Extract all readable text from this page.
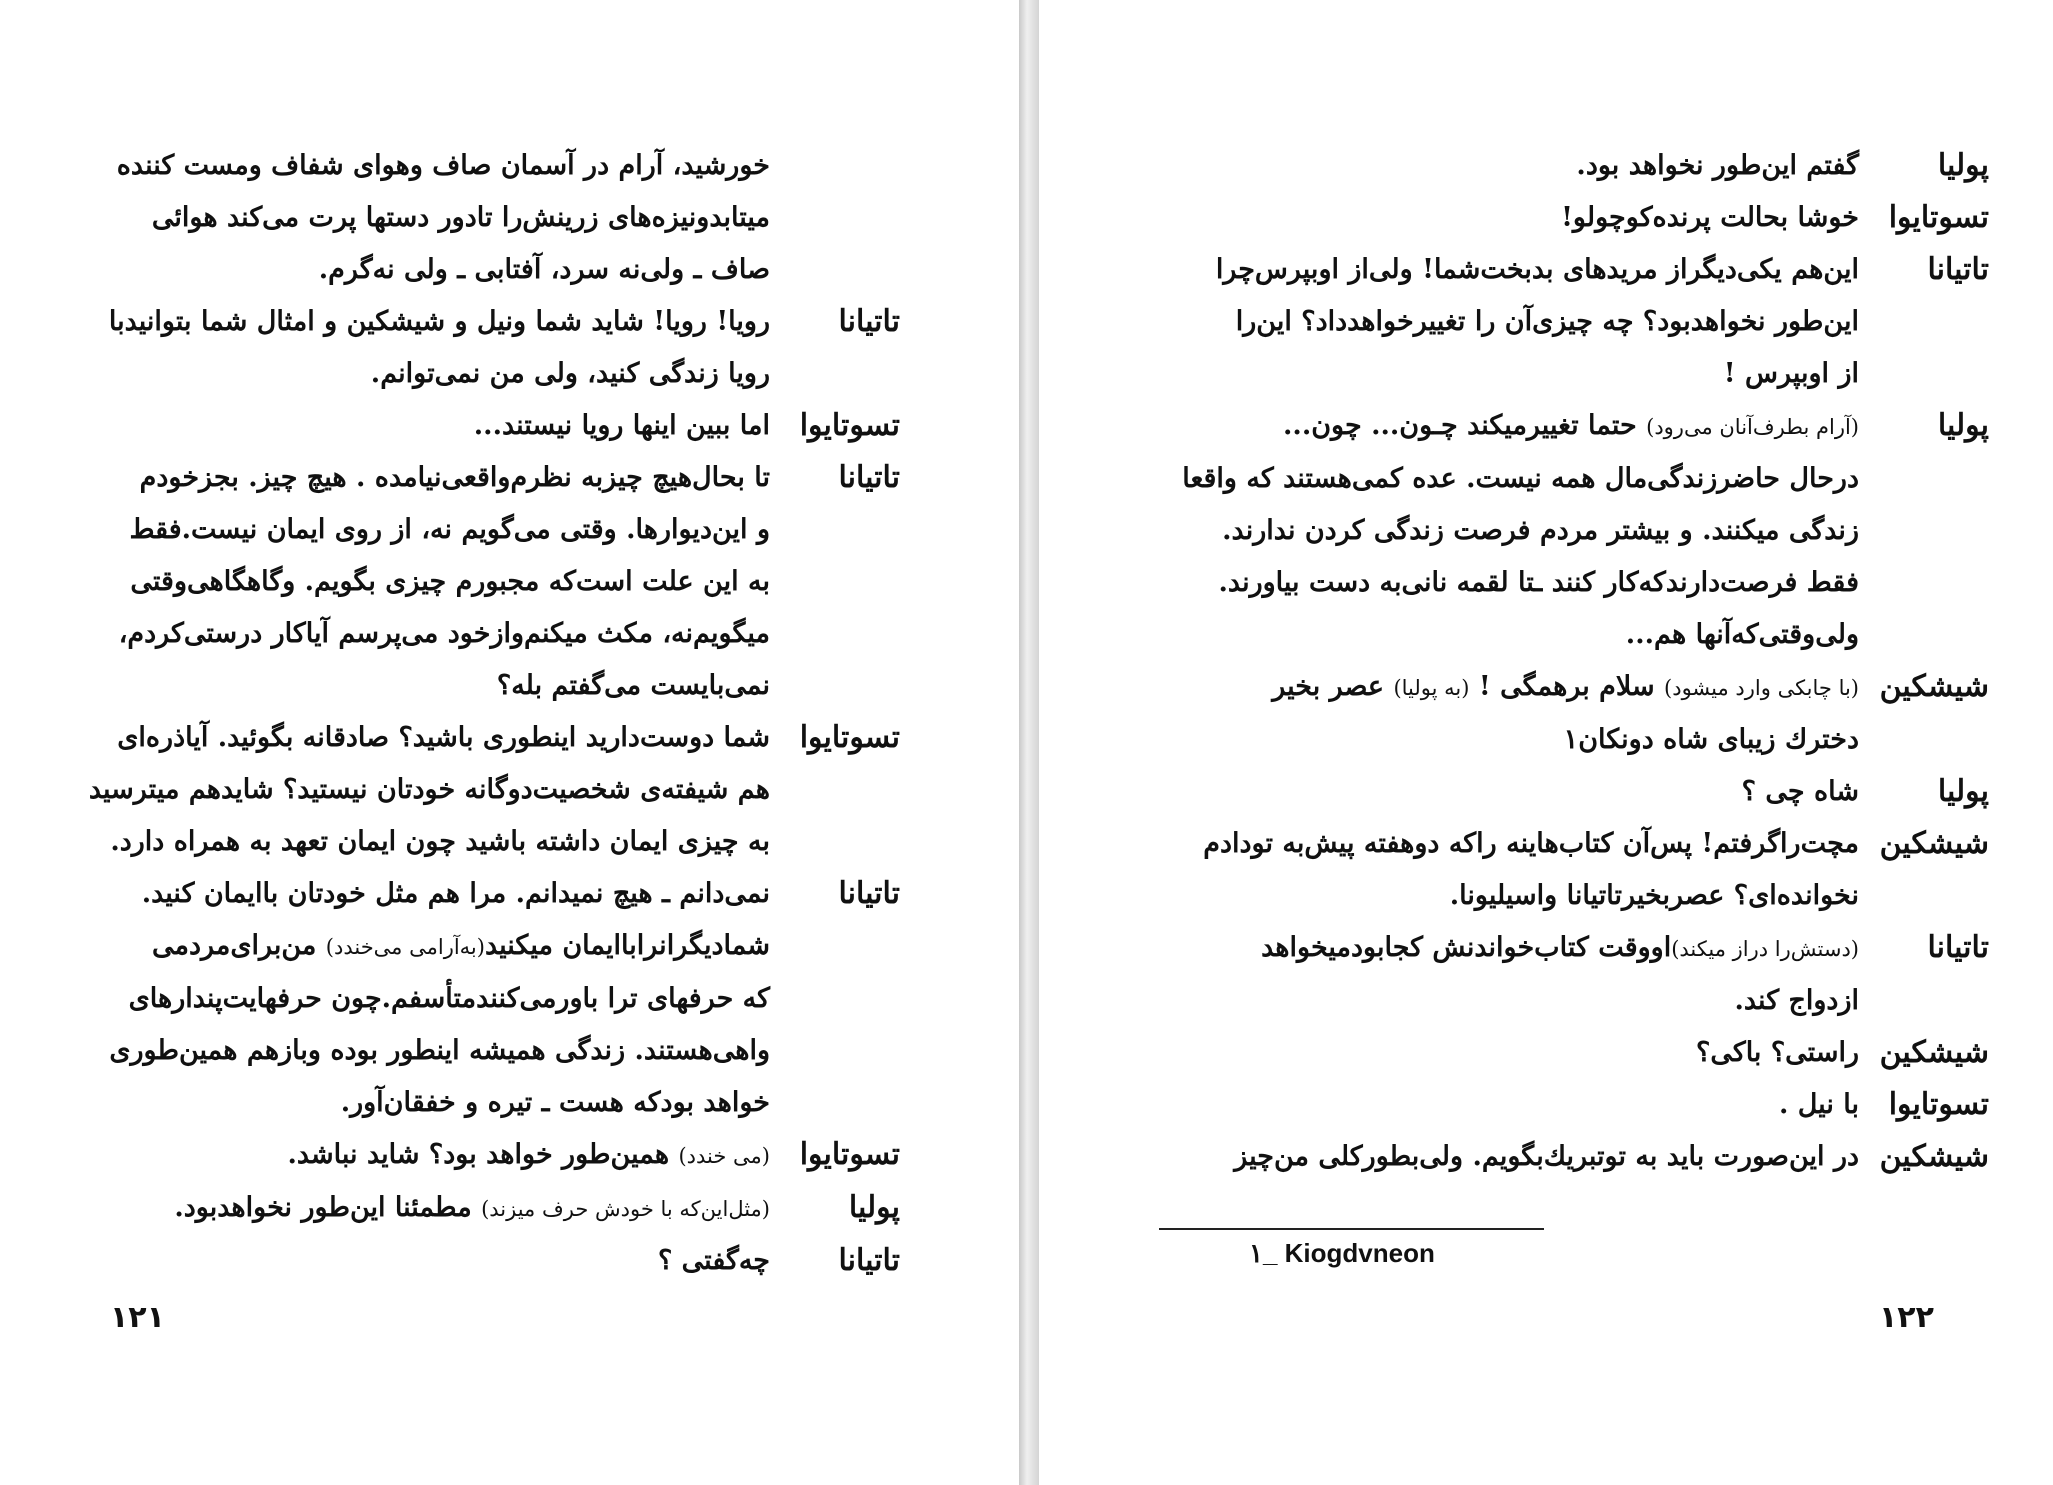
خورشید، آرام در آسمان صاف وهوای شفاف ومست کننده
میتابدونیزه‌های زرینش‌را تادور دستها پرت می‌کند هوائی
صاف ـ ولی‌نه سرد، آفتابی ـ ولی نه‌گرم.
تاتیانا
رویا! رویا! شاید شما ونیل و شیشکین و امثال شما بتوانیدبا
رویا زندگی کنید، ولی من نمی‌توانم.
تسوتایوا
اما ببین اینها رویا نیستند...
تاتیانا
تا بحال‌هیچ چیزبه نظرم‌واقعی‌نیامده . هیچ چیز. بجزخودم
و این‌دیوارها. وقتی می‌گویم نه، از روی ایمان نیست.فقط
به این علت است‌که مجبورم چیزی بگویم. وگاهگاهی‌وقتی
میگویم‌نه، مکث میکنم‌وازخود می‌پرسم آیاکار درستی‌کردم،
نمی‌بایست می‌گفتم بله؟
تسوتایوا
شما دوست‌دارید اینطوری باشید؟ صادقانه بگوئید. آیاذره‌ای
هم شیفته‌ی شخصیت‌دوگانه خودتان نیستید؟ شایدهم میترسید
به چیزی ایمان داشته باشید چون ایمان تعهد به همراه دارد.
تاتیانا
نمی‌دانم ـ هیچ نمیدانم. مرا هم مثل خودتان باایمان کنید.
شمادیگرانرابا‌ایمان میکنید(به‌آرامی می‌خندد) من‌برای‌مردمی
که حرفهای ترا باورمی‌کنندمتأسفم.چون حرفهایت‌پندارهای
واهی‌هستند. زندگی همیشه اینطور بوده وبازهم همین‌طوری
خواهد بودکه هست ـ تیره و خفقان‌آور.
تسوتایوا
(می خندد) همین‌طور خواهد بود؟ شاید نباشد.
پولیا
(مثل‌این‌که با خودش حرف میزند) مطمئنا این‌طور نخواهدبود.
تاتیانا
چه‌گفتی ؟
۱۲۱
پولیا
گفتم این‌طور نخواهد بود.
تسوتایوا
خوشا بحالت پرنده‌کوچولو!
تاتیانا
این‌هم یکی‌دیگراز مریدهای بدبخت‌شما! ولی‌از اوبپرس‌چرا
این‌طور نخواهدبود؟ چه چیزی‌آن را تغییرخواهدداد؟ این‌را
از اوبپرس !
پولیا
(آرام بطرف‌آنان می‌رود) حتما تغییرمیکند چـون... چون...
درحال حاضرزندگی‌مال همه نیست. عده کمی‌هستند که واقعا
زندگی میکنند. و بیشتر مردم فرصت زندگی کردن ندارند.
فقط فرصت‌دارندکه‌کار کنند ـتا لقمه نانی‌به دست بیاورند.
ولی‌وقتی‌که‌آنها هم...
شیشکین
(با چابکی وارد میشود) سلام برهمگی ! (به پولیا) عصر بخیر
دخترك زیبای شاه دونکان۱
پولیا
شاه چی ؟
شیشکین
مچت‌راگرفتم! پس‌آن کتاب‌هاینه راکه دوهفته پیش‌به تودادم
نخوانده‌ای؟ عصربخیرتاتیانا واسیلیونا.
تاتیانا
(دستش‌را دراز میکند)اووقت کتاب‌خواندنش کجابودمیخواهد
ازدواج کند.
شیشکین
راستی؟ باکی؟
تسوتایوا
با نیل .
شیشکین
در این‌صورت باید به توتبریك‌بگویم. ولی‌بطورکلی من‌چیز
۱_ Kiogdvneon
۱۲۲
